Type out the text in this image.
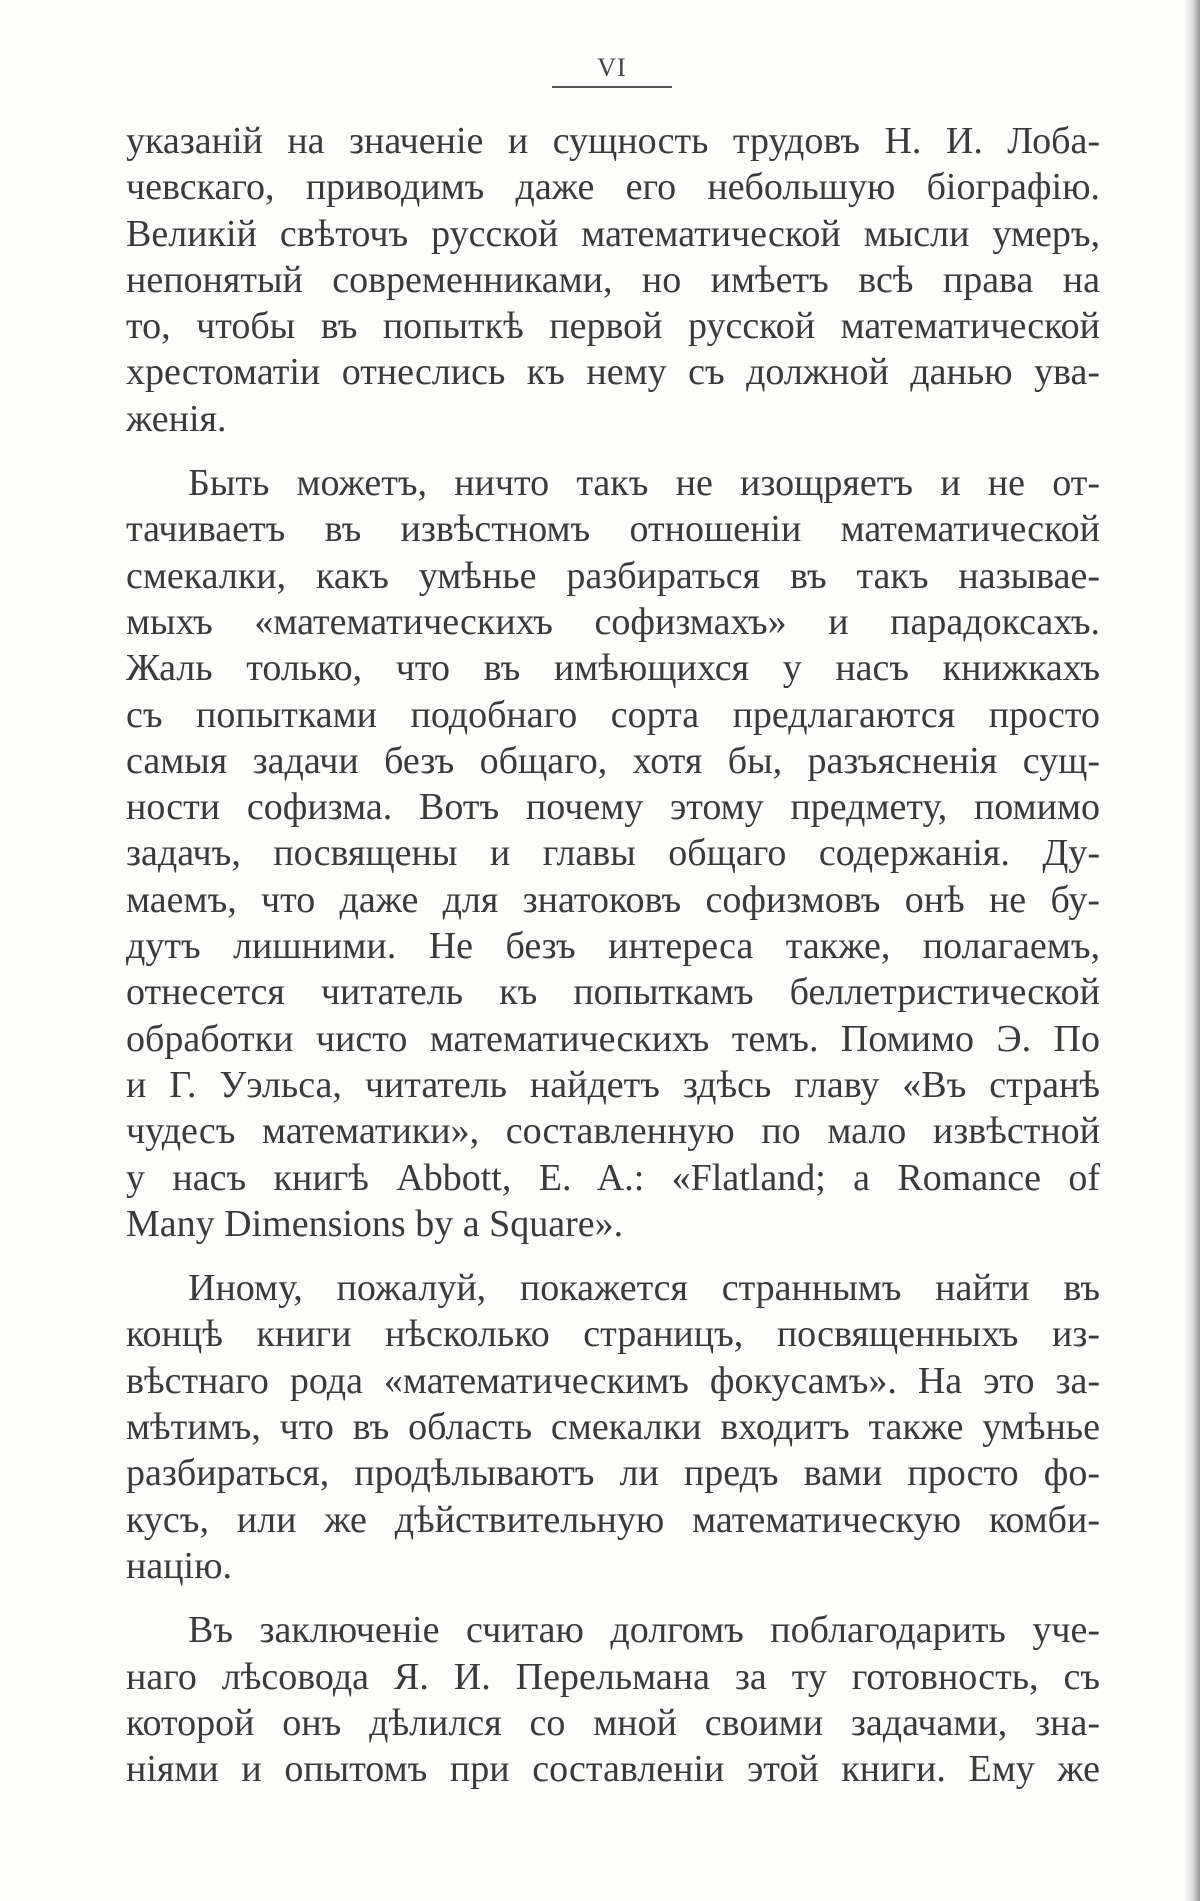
VI
указаній на значеніе и сущность трудовъ Н. И. Лоба-
чевскаго, приводимъ даже его небольшую біографію.
Великій свѣточъ русской математической мысли умеръ,
непонятый современниками, но имѣетъ всѣ права на
то, чтобы въ попыткѣ первой русской математической
хрестоматіи отнеслись къ нему съ должной данью ува-
женія.
Быть можетъ, ничто такъ не изощряетъ и не от-
тачиваетъ въ извѣстномъ отношеніи математической
смекалки, какъ умѣнье разбираться въ такъ называе-
мыхъ «математическихъ софизмахъ» и парадоксахъ.
Жаль только, что въ имѣющихся у насъ книжкахъ
съ попытками подобнаго сорта предлагаются просто
самыя задачи безъ общаго, хотя бы, разъясненія сущ-
ности софизма. Вотъ почему этому предмету, помимо
задачъ, посвящены и главы общаго содержанія. Ду-
маемъ, что даже для знатоковъ софизмовъ онѣ не бу-
дутъ лишними. Не безъ интереса также, полагаемъ,
отнесется читатель къ попыткамъ беллетристической
обработки чисто математическихъ темъ. Помимо Э. По
и Г. Уэльса, читатель найдетъ здѣсь главу «Въ странѣ
чудесъ математики», составленную по мало извѣстной
у насъ книгѣ Abbott, E. A.: «Flatland; a Romance of
Many Dimensions by a Square».
Иному, пожалуй, покажется страннымъ найти въ
концѣ книги нѣсколько страницъ, посвященныхъ из-
вѣстнаго рода «математическимъ фокусамъ». На это за-
мѣтимъ, что въ область смекалки входитъ также умѣнье
разбираться, продѣлываютъ ли предъ вами просто фо-
кусъ, или же дѣйствительную математическую комби-
націю.
Въ заключеніе считаю долгомъ поблагодарить уче-
наго лѣсовода Я. И. Перельмана за ту готовность, съ
которой онъ дѣлился со мной своими задачами, зна-
ніями и опытомъ при составленіи этой книги. Ему же
